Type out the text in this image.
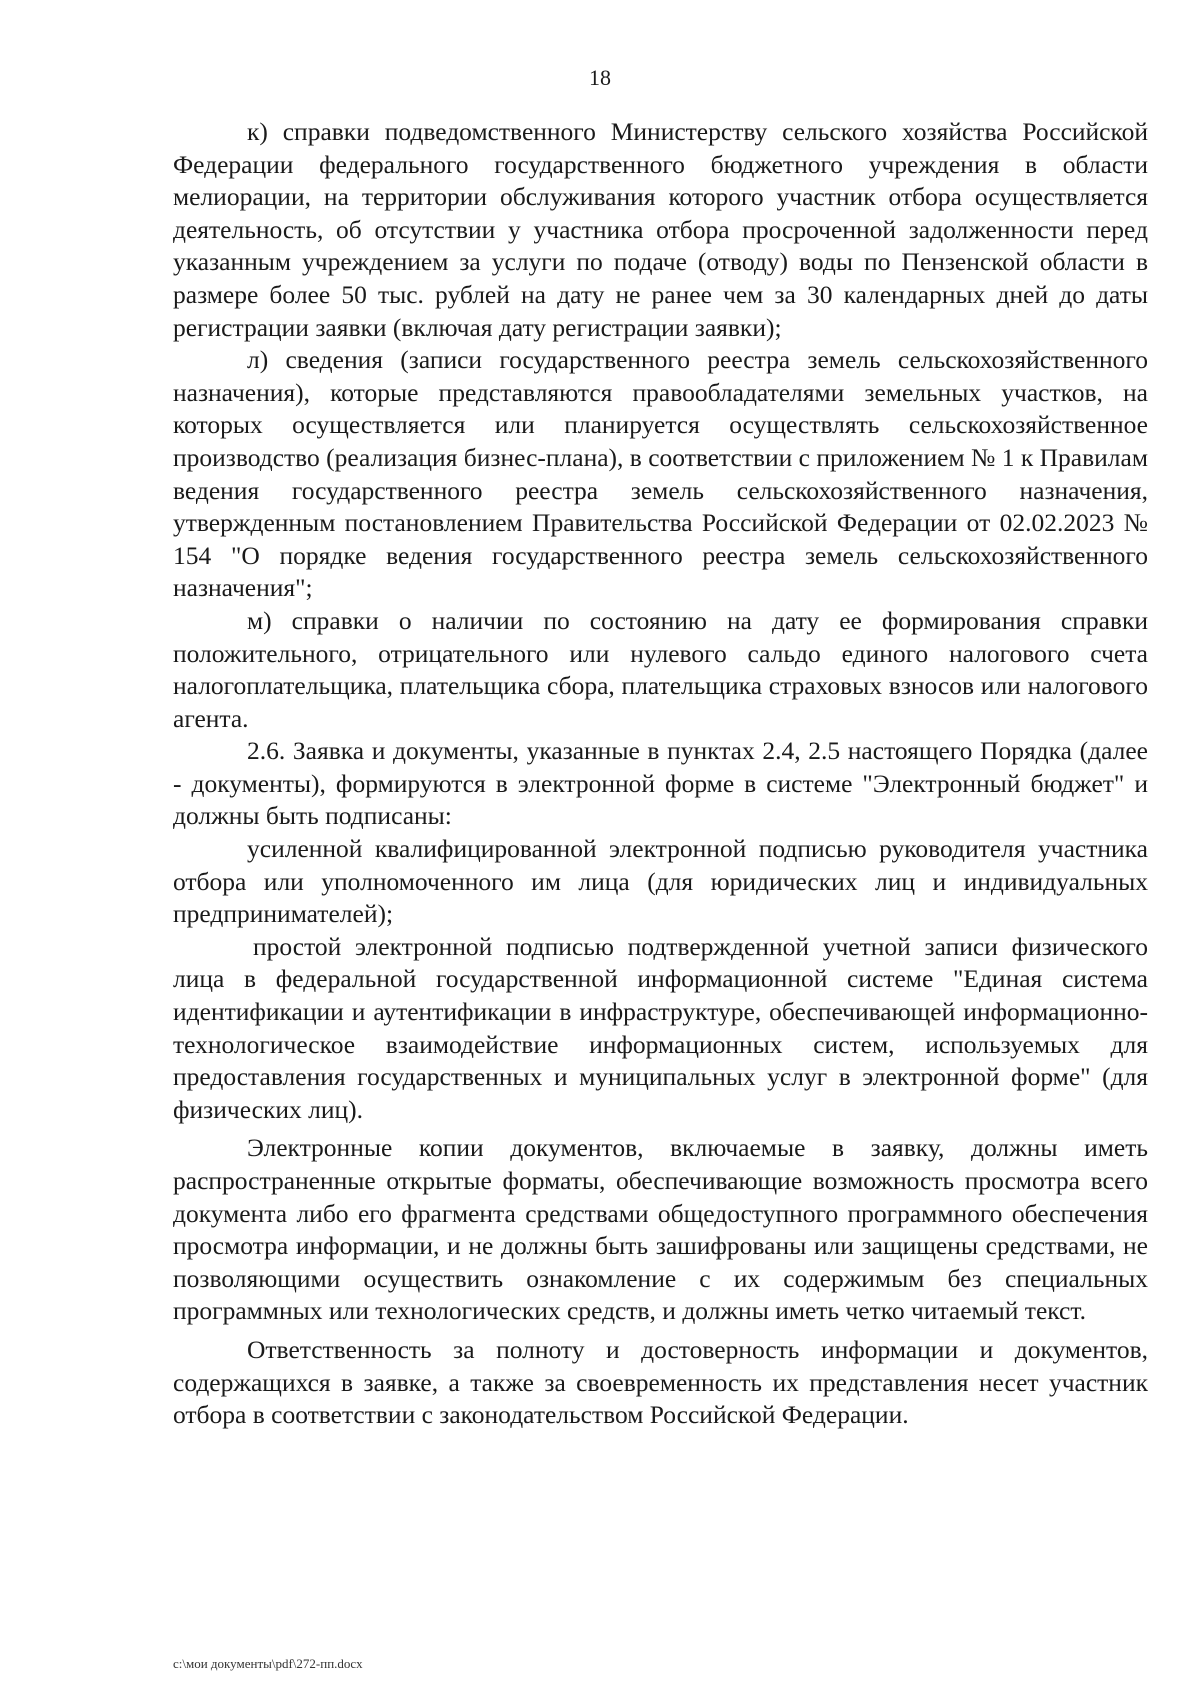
18

к) справки подведомственного Министерству сельского хозяйства Российской Федерации федерального государственного бюджетного учреждения в области мелиорации, на территории обслуживания которого участник отбора осуществляется деятельность, об отсутствии у участника отбора просроченной задолженности перед указанным учреждением за услуги по подаче (отводу) воды по Пензенской области в размере более 50 тыс. рублей на дату не ранее чем за 30 календарных дней до даты регистрации заявки (включая дату регистрации заявки);

л) сведения (записи государственного реестра земель сельскохозяйственного назначения), которые представляются правообладателями земельных участков, на которых осуществляется или планируется осуществлять сельскохозяйственное производство (реализация бизнес-плана), в соответствии с приложением № 1 к Правилам ведения государственного реестра земель сельскохозяйственного назначения, утвержденным постановлением Правительства Российской Федерации от 02.02.2023 № 154 "О порядке ведения государственного реестра земель сельскохозяйственного назначения";

м) справки о наличии по состоянию на дату ее формирования справки положительного, отрицательного или нулевого сальдо единого налогового счета налогоплательщика, плательщика сбора, плательщика страховых взносов или налогового агента.

2.6. Заявка и документы, указанные в пунктах 2.4, 2.5 настоящего Порядка (далее - документы), формируются в электронной форме в системе "Электронный бюджет" и должны быть подписаны:

усиленной квалифицированной электронной подписью руководителя участника отбора или уполномоченного им лица (для юридических лиц и индивидуальных предпринимателей);

простой электронной подписью подтвержденной учетной записи физического лица в федеральной государственной информационной системе "Единая система идентификации и аутентификации в инфраструктуре, обеспечивающей информационно-технологическое взаимодействие информационных систем, используемых для предоставления государственных и муниципальных услуг в электронной форме" (для физических лиц).

Электронные копии документов, включаемые в заявку, должны иметь распространенные открытые форматы, обеспечивающие возможность просмотра всего документа либо его фрагмента средствами общедоступного программного обеспечения просмотра информации, и не должны быть зашифрованы или защищены средствами, не позволяющими осуществить ознакомление с их содержимым без специальных программных или технологических средств, и должны иметь четко читаемый текст.

Ответственность за полноту и достоверность информации и документов, содержащихся в заявке, а также за своевременность их представления несет участник отбора в соответствии с законодательством Российской Федерации.

c:\мои документы\pdf\272-пп.docx
